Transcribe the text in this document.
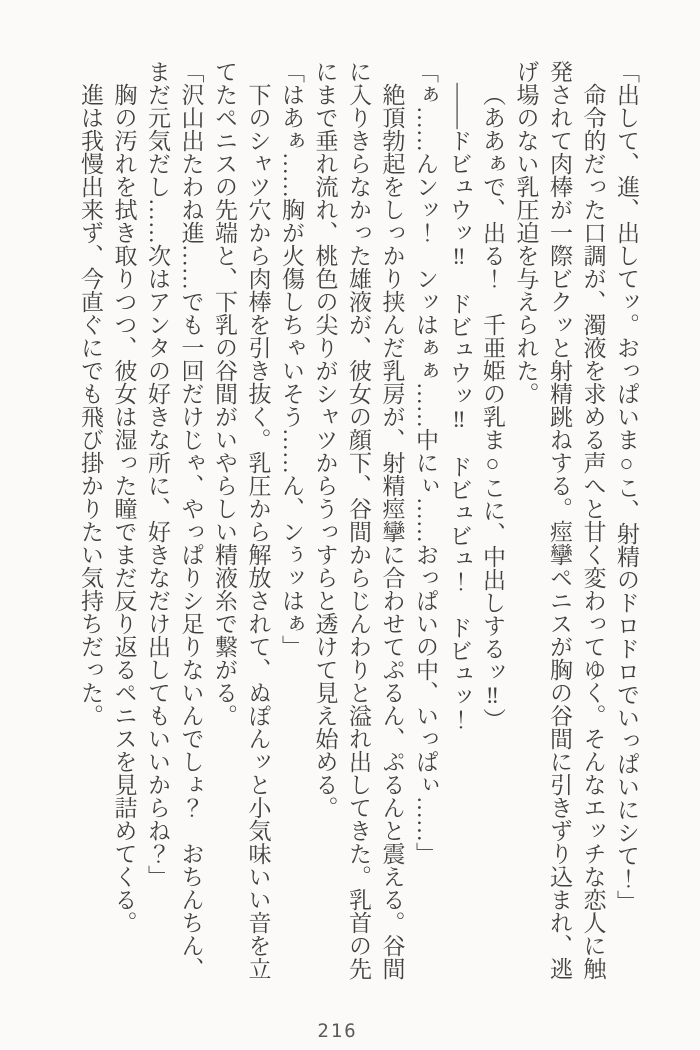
「出して、進、出してッ。おっぱいま○こ、射精のドロドロでいっぱいにシて！」

命令的だった口調が、濁液を求める声へと甘く変わってゆく。そんなエッチな恋人に触発されて肉棒が一際ビクッと射精跳ねする。痙攣ペニスが胸の谷間に引きずり込まれ、逃げ場のない乳圧迫を与えられた。

（ああぁで、出る！　千亜姫の乳ま○こに、中出しするッ‼）

――ドビュウッ‼　ドビュウッ‼　ドビュビュ！　ドビュッ！

「ぁ……んンッ！　ンッはぁぁ……中にぃ……おっぱいの中、いっぱぃ……」

絶頂勃起をしっかり挟んだ乳房が、射精痙攣に合わせてぷるん、ぷるんと震える。谷間に入りきらなかった雄液が、彼女の顔下、谷間からじんわりと溢れ出してきた。乳首の先にまで垂れ流れ、桃色の尖りがシャツからうっすらと透けて見え始める。

「はあぁ……胸が火傷しちゃいそう……ん、ンぅッはぁ」

下のシャツ穴から肉棒を引き抜く。乳圧から解放されて、ぬぽんッと小気味いい音を立てたペニスの先端と、下乳の谷間がいやらしい精液糸で繋がる。

「沢山出たわね進……でも一回だけじゃ、やっぱりシ足りないんでしょ？　おちんちん、まだ元気だし……次はアンタの好きな所に、好きなだけ出してもいいからね？」

胸の汚れを拭き取りつつ、彼女は湿った瞳でまだ反り返るペニスを見詰めてくる。

進は我慢出来ず、今直ぐにでも飛び掛かりたい気持ちだった。

216
